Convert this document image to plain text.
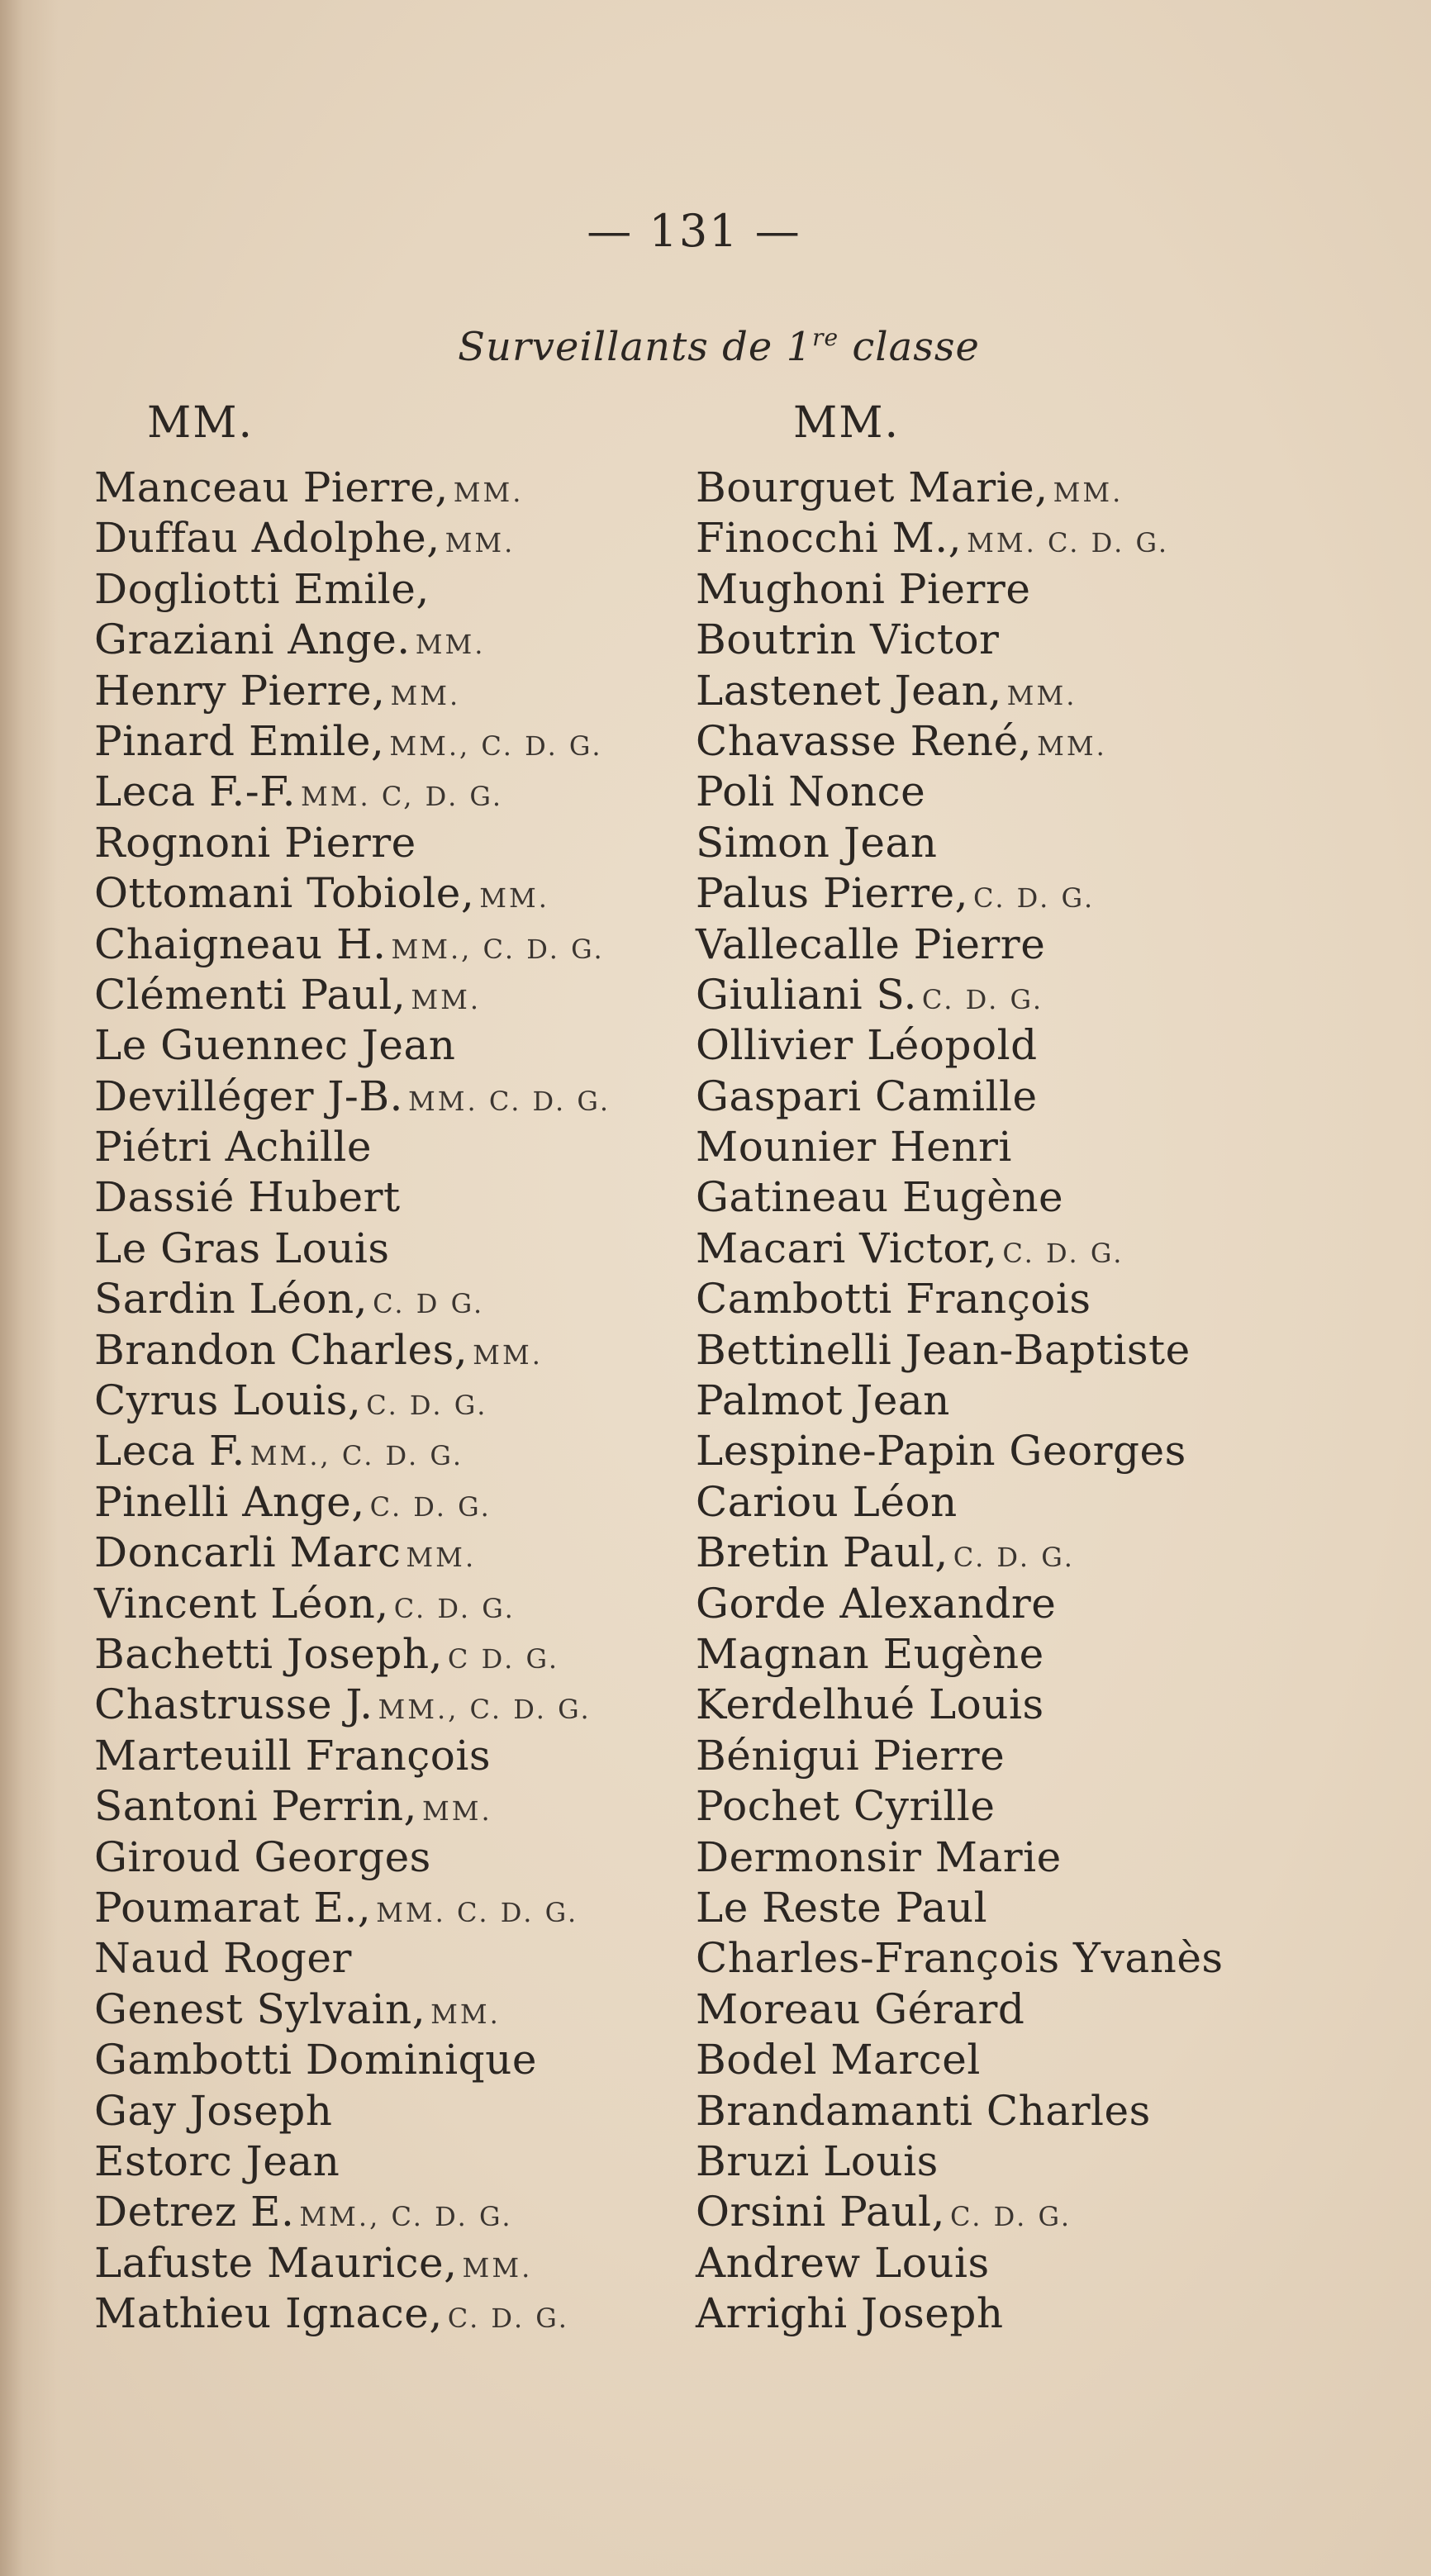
— 131 —
Surveillants de 1re classe
MM.	MM.
Manceau Pierre, MM.
Duffau Adolphe, MM.
Dogliotti Emile,
Graziani Ange. MM.
Henry Pierre, MM.
Pinard Emile, MM., C. D. G.
Leca F.-F. MM. C, D. G.
Rognoni Pierre
Ottomani Tobiole, MM.
Chaigneau H. MM., C. D. G.
Clémenti Paul, MM.
Le Guennec Jean
Devilléger J-B. MM. C. D. G.
Piétri Achille
Dassié Hubert
Le Gras Louis
Sardin Léon, C. D G.
Brandon Charles, MM.
Cyrus Louis, C. D. G.
Leca F. MM., C. D. G.
Pinelli Ange, C. D. G.
Doncarli Marc MM.
Vincent Léon, C. D. G.
Bachetti Joseph, C D. G.
Chastrusse J. MM., C. D. G.
Marteuill François
Santoni Perrin, MM.
Giroud Georges
Poumarat E., MM. C. D. G.
Naud Roger
Genest Sylvain, MM.
Gambotti Dominique
Gay Joseph
Estorc Jean
Detrez E. MM., C. D. G.
Lafuste Maurice, MM.
Mathieu Ignace, C. D. G.
Bourguet Marie, MM.
Finocchi M., MM. C. D. G.
Mughoni Pierre
Boutrin Victor
Lastenet Jean, MM.
Chavasse René, MM.
Poli Nonce
Simon Jean
Palus Pierre, C. D. G.
Vallecalle Pierre
Giuliani S. C. D. G.
Ollivier Léopold
Gaspari Camille
Mounier Henri
Gatineau Eugène
Macari Victor, C. D. G.
Cambotti François
Bettinelli Jean-Baptiste
Palmot Jean
Lespine-Papin Georges
Cariou Léon
Bretin Paul, C. D. G.
Gorde Alexandre
Magnan Eugène
Kerdelhué Louis
Bénigui Pierre
Pochet Cyrille
Dermonsir Marie
Le Reste Paul
Charles-François Yvanès
Moreau Gérard
Bodel Marcel
Brandamanti Charles
Bruzi Louis
Orsini Paul, C. D. G.
Andrew Louis
Arrighi Joseph
